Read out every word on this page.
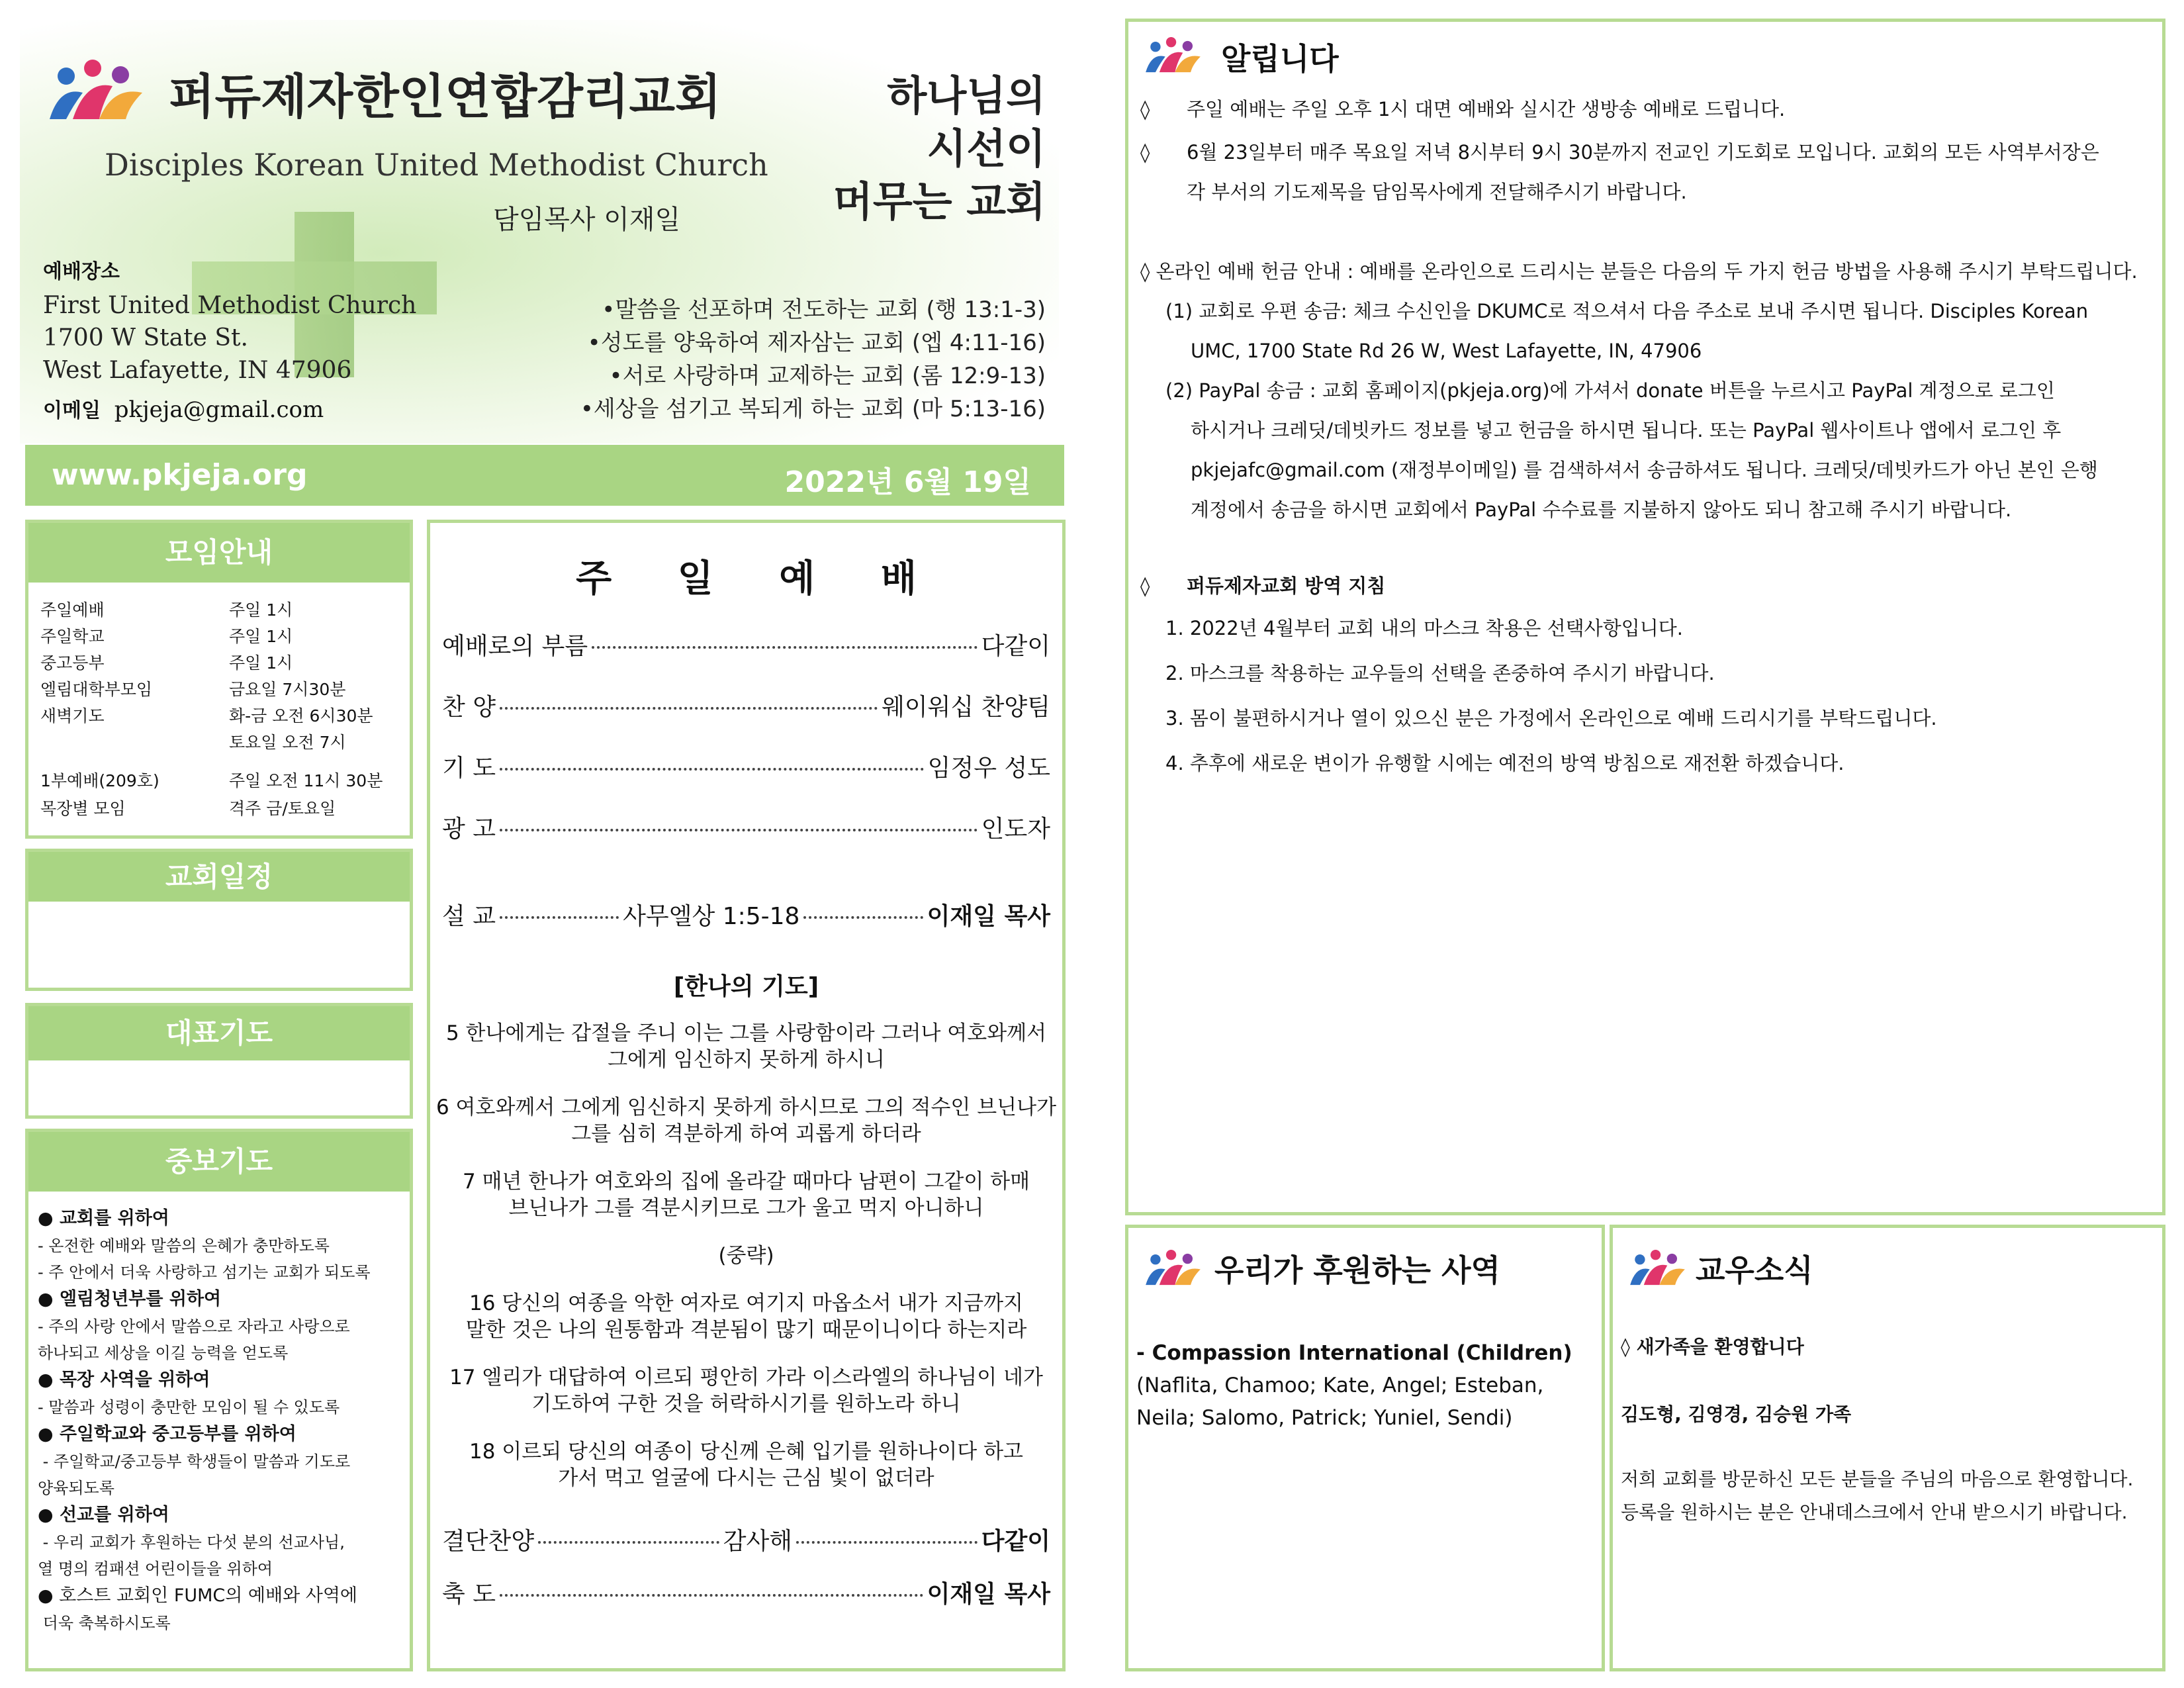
퍼듀제자한인연합감리교회
Disciples Korean United Methodist Church
담임목사 이재일
하나님의
시선이
머무는 교회
예배장소
First United Methodist Church
1700 W State St.
West Lafayette, IN 47906
이메일 pkjeja@gmail.com
•말씀을 선포하며 전도하는 교회 (행 13:1-3)
•성도를 양육하여 제자삼는 교회 (엡 4:11-16)
•서로 사랑하며 교제하는 교회 (롬 12:9-13)
•세상을 섬기고 복되게 하는 교회 (마 5:13-16)
www.pkjeja.org	2022년 6월 19일
모임안내
주일예배	주일 1시
주일학교	주일 1시
중고등부	주일 1시
엘림대학부모임	금요일 7시30분
새벽기도	화-금 오전 6시30분
	토요일 오전 7시
1부예배(209호)	주일 오전 11시 30분
목장별 모임	격주 금/토요일
교회일정
대표기도
중보기도
● 교회를 위하여
- 온전한 예배와 말씀의 은혜가 충만하도록
- 주 안에서 더욱 사랑하고 섬기는 교회가 되도록
● 엘림청년부를 위하여
- 주의 사랑 안에서 말씀으로 자라고 사랑으로
하나되고 세상을 이길 능력을 얻도록
● 목장 사역을 위하여
- 말씀과 성령이 충만한 모임이 될 수 있도록
● 주일학교와 중고등부를 위하여
- 주일학교/중고등부 학생들이 말씀과 기도로
양육되도록
● 선교를 위하여
- 우리 교회가 후원하는 다섯 분의 선교사님,
열 명의 컴패션 어린이들을 위하여
● 호스트 교회인 FUMC의 예배와 사역에
더욱 축복하시도록
주 일 예 배
예배로의 부름	다같이
찬 양	웨이워십 찬양팀
기 도	임정우 성도
광 고	인도자
설 교	사무엘상 1:5-18	이재일 목사
[한나의 기도]
5 한나에게는 갑절을 주니 이는 그를 사랑함이라 그러나 여호와께서
그에게 임신하지 못하게 하시니
6 여호와께서 그에게 임신하지 못하게 하시므로 그의 적수인 브닌나가
그를 심히 격분하게 하여 괴롭게 하더라
7 매년 한나가 여호와의 집에 올라갈 때마다 남편이 그같이 하매
브닌나가 그를 격분시키므로 그가 울고 먹지 아니하니
(중략)
16 당신의 여종을 악한 여자로 여기지 마옵소서 내가 지금까지
말한 것은 나의 원통함과 격분됨이 많기 때문이니이다 하는지라
17 엘리가 대답하여 이르되 평안히 가라 이스라엘의 하나님이 네가
기도하여 구한 것을 허락하시기를 원하노라 하니
18 이르되 당신의 여종이 당신께 은혜 입기를 원하나이다 하고
가서 먹고 얼굴에 다시는 근심 빛이 없더라
결단찬양	감사해	다같이
축 도	이재일 목사
알립니다
◊	주일 예배는 주일 오후 1시 대면 예배와 실시간 생방송 예배로 드립니다.
◊	6월 23일부터 매주 목요일 저녁 8시부터 9시 30분까지 전교인 기도회로 모입니다. 교회의 모든 사역부서장은
각 부서의 기도제목을 담임목사에게 전달해주시기 바랍니다.
◊ 온라인 예배 헌금 안내 : 예배를 온라인으로 드리시는 분들은 다음의 두 가지 헌금 방법을 사용해 주시기 부탁드립니다.
(1) 교회로 우편 송금: 체크 수신인을 DKUMC로 적으셔서 다음 주소로 보내 주시면 됩니다. Disciples Korean
UMC, 1700 State Rd 26 W, West Lafayette, IN, 47906
(2) PayPal 송금 : 교회 홈페이지(pkjeja.org)에 가셔서 donate 버튼을 누르시고 PayPal 계정으로 로그인
하시거나 크레딧/데빗카드 정보를 넣고 헌금을 하시면 됩니다. 또는 PayPal 웹사이트나 앱에서 로그인 후
pkjejafc@gmail.com (재정부이메일) 를 검색하셔서 송금하셔도 됩니다. 크레딧/데빗카드가 아닌 본인 은행
계정에서 송금을 하시면 교회에서 PayPal 수수료를 지불하지 않아도 되니 참고해 주시기 바랍니다.
◊	퍼듀제자교회 방역 지침
1. 2022년 4월부터 교회 내의 마스크 착용은 선택사항입니다.
2. 마스크를 착용하는 교우들의 선택을 존중하여 주시기 바랍니다.
3. 몸이 불편하시거나 열이 있으신 분은 가정에서 온라인으로 예배 드리시기를 부탁드립니다.
4. 추후에 새로운 변이가 유행할 시에는 예전의 방역 방침으로 재전환 하겠습니다.
우리가 후원하는 사역
- Compassion International (Children)
(Naflita, Chamoo; Kate, Angel; Esteban,
Neila; Salomo, Patrick; Yuniel, Sendi)
교우소식
◊ 새가족을 환영합니다
김도형, 김영경, 김승원 가족
저희 교회를 방문하신 모든 분들을 주님의 마음으로 환영합니다.
등록을 원하시는 분은 안내데스크에서 안내 받으시기 바랍니다.
